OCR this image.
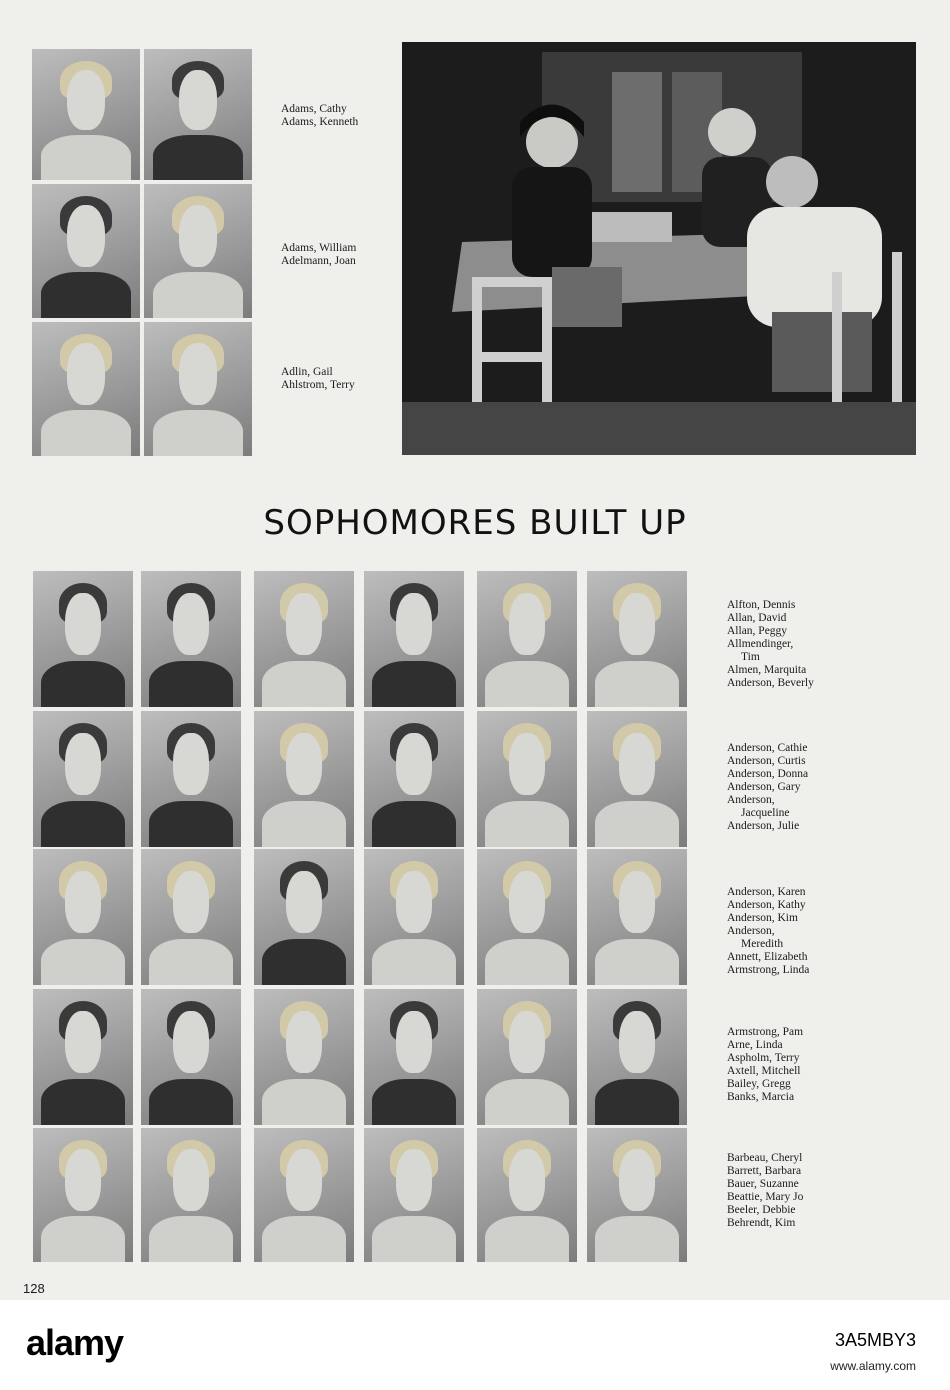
Adams, Cathy
Adams, Kenneth
Adams, William
Adelmann, Joan
Adlin, Gail
Ahlstrom, Terry
SOPHOMORES BUILT UP
Alfton, Dennis
Allan, David
Allan, Peggy
Allmendinger,
Tim
Almen, Marquita
Anderson, Beverly
Anderson, Cathie
Anderson, Curtis
Anderson, Donna
Anderson, Gary
Anderson,
Jacqueline
Anderson, Julie
Anderson, Karen
Anderson, Kathy
Anderson, Kim
Anderson,
Meredith
Annett, Elizabeth
Armstrong, Linda
Armstrong, Pam
Arne, Linda
Aspholm, Terry
Axtell, Mitchell
Bailey, Gregg
Banks, Marcia
Barbeau, Cheryl
Barrett, Barbara
Bauer, Suzanne
Beattie, Mary Jo
Beeler, Debbie
Behrendt, Kim
128
alamy	3A5MBY3
www.alamy.com
